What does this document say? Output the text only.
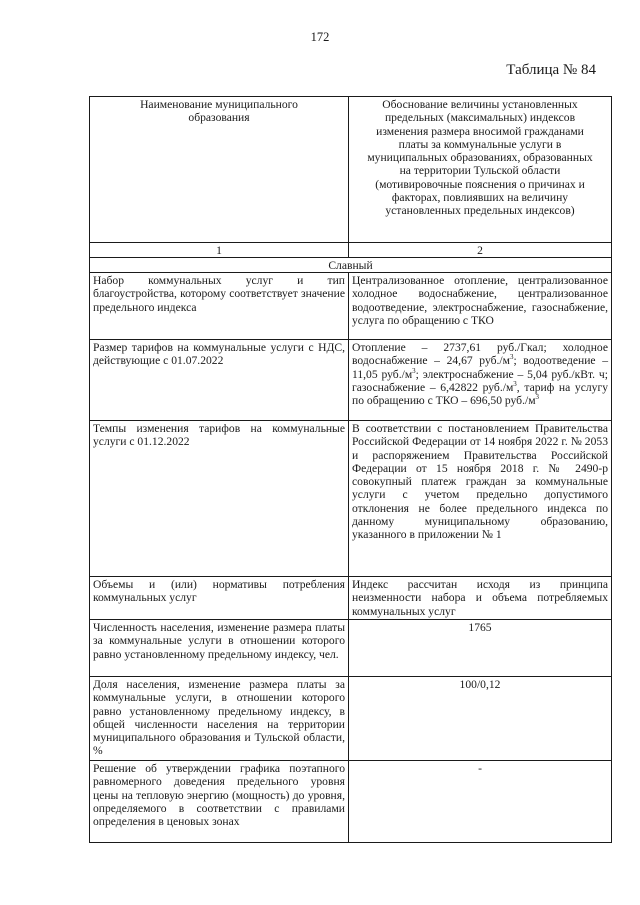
172
Таблица № 84
Наименование муниципального образования	Обоснование величины установленных предельных (максимальных) индексов изменения размера вносимой гражданами платы за коммунальные услуги в муниципальных образованиях, образованных на территории Тульской области (мотивировочные пояснения о причинах и факторах, повлиявших на величину установленных предельных индексов)
1	2
Славный	
Набор коммунальных услуг и тип благоустройства, которому соответствует значение предельного индекса	Централизованное отопление, централизованное холодное водоснабжение, централизованное водоотведение, электроснабжение, газоснабжение, услуга по обращению с ТКО
Размер тарифов на коммунальные услуги с НДС, действующие с 01.07.2022	Отопление – 2737,61 руб./Гкал; холодное водоснабжение – 24,67 $руб./м^3$; водоотведение – 11,05 $руб./м^3$; электроснабжение – 5,04 руб./кВт. ч; газоснабжение – 6,42822 $руб./м^3$, тариф на услугу по обращению с ТКО – 696,50 $руб./м^3$
Темпы изменения тарифов на коммунальные услуги с 01.12.2022	В соответствии с постановлением Правительства Российской Федерации от 14 ноября 2022 г. № 2053 и распоряжением Правительства Российской Федерации от 15 ноября 2018 г. № 2490-р совокупный платеж граждан за коммунальные услуги с учетом предельно допустимого отклонения не более предельного индекса по данному муниципальному образованию, указанного в приложении № 1
Объемы и (или) нормативы потребления коммунальных услуг	Индекс рассчитан исходя из принципа неизменности набора и объема потребляемых коммунальных услуг
Численность населения, изменение размера платы за коммунальные услуги в отношении которого равно установленному предельному индексу, чел.	1765
Доля населения, изменение размера платы за коммунальные услуги, в отношении которого равно установленному предельному индексу, в общей численности населения на территории муниципального образования и Тульской области, %	100/0,12
Решение об утверждении графика поэтапного равномерного доведения предельного уровня цены на тепловую энергию (мощность) до уровня, определяемого в соответствии с правилами определения в ценовых зонах	-
